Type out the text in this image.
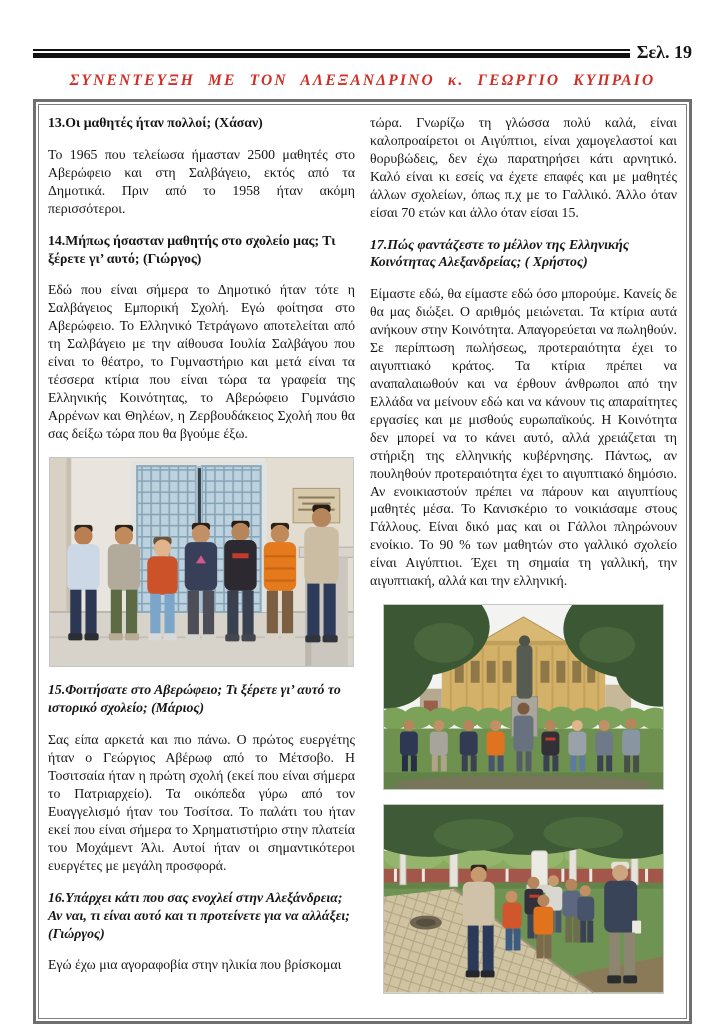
Σελ. 19
ΣΥΝΕΝΤΕΥΞΗ ΜΕ ΤΟΝ ΑΛΕΞΑΝΔΡΙΝΟ κ. ΓΕΩΡΓΙΟ ΚΥΠΡΑΙΟ

13.Οι μαθητές ήταν πολλοί; (Χάσαν)

Το 1965 που τελείωσα ήμασταν 2500 μαθητές στο Αβερώφειο και στη Σαλβάγειο, εκτός από τα Δημοτικά. Πριν από το 1958 ήταν ακόμη περισσότεροι.

14.Μήπως ήσασταν μαθητής στο σχολείο μας; Τι ξέρετε γι’ αυτό; (Γιώργος)

Εδώ που είναι σήμερα το Δημοτικό ήταν τότε η Σαλβάγειος Εμπορική Σχολή. Εγώ φοίτησα στο Αβερώφειο. Το Ελληνικό Τετράγωνο αποτελείται από τη Σαλβάγειο με την αίθουσα Ιουλία Σαλβάγου που είναι το θέατρο, το Γυμναστήριο και μετά είναι τα τέσσερα κτίρια που είναι τώρα τα γραφεία της Ελληνικής Κοινότητας, το Αβερώφειο Γυμνάσιο Αρρένων και Θηλέων, η Ζερβουδάκειος Σχολή που θα σας δείξω τώρα που θα βγούμε έξω.

15.Φοιτήσατε στο Αβερώφειο; Τι ξέρετε γι’ αυτό το ιστορικό σχολείο; (Μάριος)

Σας είπα αρκετά και πιο πάνω. Ο πρώτος ευεργέτης ήταν ο Γεώργιος Αβέρωφ από το Μέτσοβο. Η Τοσιτσαία ήταν η πρώτη σχολή (εκεί που είναι σήμερα το Πατριαρχείο). Τα οικόπεδα γύρω από τον Ευαγγελισμό ήταν του Τοσίτσα. Το παλάτι του ήταν εκεί που είναι σήμερα το Χρηματιστήριο στην πλατεία του Μοχάμεντ Άλι. Αυτοί ήταν οι σημαντικότεροι ευεργέτες με μεγάλη προσφορά.

16.Υπάρχει κάτι που σας ενοχλεί στην Αλεξάνδρεια; Αν ναι, τι είναι αυτό και τι προτείνετε για να αλλάξει; (Γιώργος)

Εγώ έχω μια αγοραφοβία στην ηλικία που βρίσκομαι

τώρα. Γνωρίζω τη γλώσσα πολύ καλά, είναι καλοπροαίρετοι οι Αιγύπτιοι, είναι χαμογελαστοί και θορυβώδεις, δεν έχω παρατηρήσει κάτι αρνητικό. Καλό είναι κι εσείς να έχετε επαφές και με μαθητές άλλων σχολείων, όπως π.χ με το Γαλλικό. Άλλο όταν είσαι 70 ετών και άλλο όταν είσαι 15.

17.Πώς φαντάζεστε το μέλλον της Ελληνικής Κοινότητας Αλεξανδρείας; ( Χρήστος)

Είμαστε εδώ, θα είμαστε εδώ όσο μπορούμε. Κανείς δε θα μας διώξει. Ο αριθμός μειώνεται. Τα κτίρια αυτά ανήκουν στην Κοινότητα. Απαγορεύεται να πωληθούν. Σε περίπτωση πωλήσεως, προτεραιότητα έχει το αιγυπτιακό κράτος. Τα κτίρια πρέπει να αναπαλαιωθούν και να έρθουν άνθρωποι από την Ελλάδα να μείνουν εδώ και να κάνουν τις απαραίτητες εργασίες και με μισθούς ευρωπαϊκούς. Η Κοινότητα δεν μπορεί να το κάνει αυτό, αλλά χρειάζεται τη στήριξη της ελληνικής κυβέρνησης. Πάντως, αν πουληθούν προτεραιότητα έχει το αιγυπτιακό δημόσιο. Αν ενοικιαστούν πρέπει να πάρουν και αιγυπτίους μαθητές μέσα. Το Κανισκέριο το νοικιάσαμε στους Γάλλους. Είναι δικό μας και οι Γάλλοι πληρώνουν ενοίκιο. Το 90 % των μαθητών στο γαλλικό σχολείο είναι Αιγύπτιοι. Έχει τη σημαία τη γαλλική, την αιγυπτιακή, αλλά και την ελληνική.
